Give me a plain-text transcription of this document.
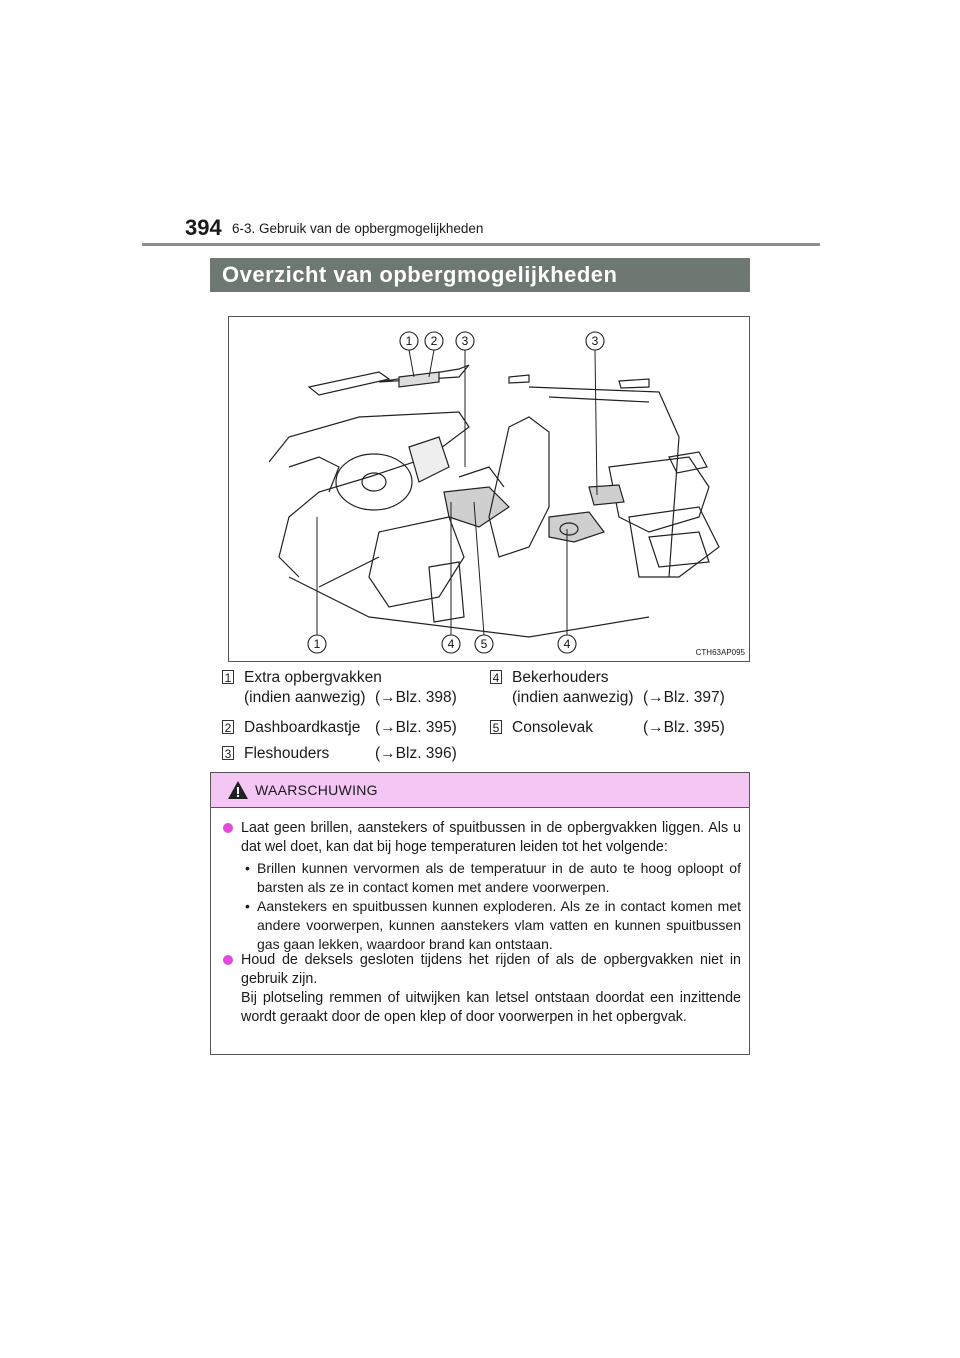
394 6-3. Gebruik van de opbergmogelijkheden
Overzicht van opbergmogelijkheden
1 2 3	3
1	4 5	4
CTH63AP095
1 Extra opbergvakken
(indien aanwezig) (→Blz. 398)
2 Dashboardkastje (→Blz. 395)
3 Fleshouders	(→Blz. 396)
4 Bekerhouders
(indien aanwezig) (→Blz. 397)
5 Consolevak	(→Blz. 395)
WAARSCHUWING
Laat geen brillen, aanstekers of spuitbussen in de opbergvakken liggen. Als u dat wel doet, kan dat bij hoge temperaturen leiden tot het volgende:
• Brillen kunnen vervormen als de temperatuur in de auto te hoog oploopt of barsten als ze in contact komen met andere voorwerpen.
• Aanstekers en spuitbussen kunnen exploderen. Als ze in contact komen met andere voorwerpen, kunnen aanstekers vlam vatten en kunnen spuitbussen gas gaan lekken, waardoor brand kan ontstaan.
Houd de deksels gesloten tijdens het rijden of als de opbergvakken niet in gebruik zijn.
Bij plotseling remmen of uitwijken kan letsel ontstaan doordat een inzittende wordt geraakt door de open klep of door voorwerpen in het opbergvak.
